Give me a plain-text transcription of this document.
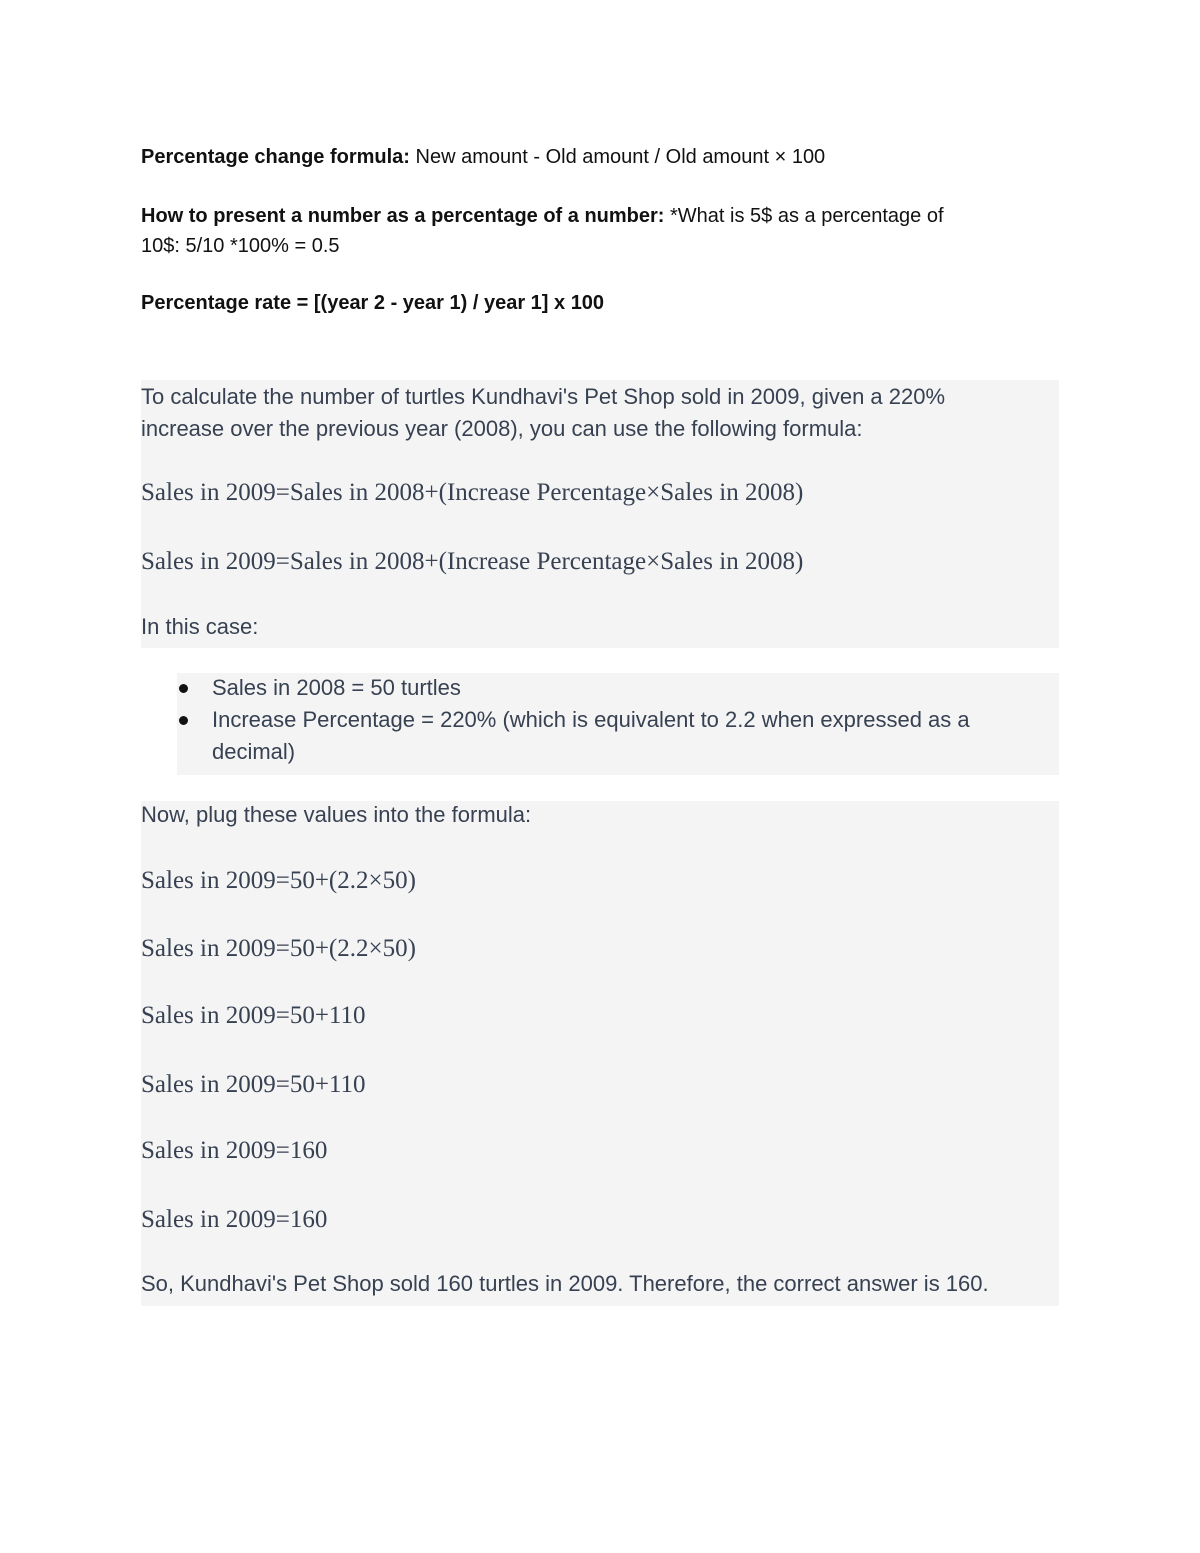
Percentage change formula: New amount - Old amount / Old amount × 100

How to present a number as a percentage of a number: *What is 5$ as a percentage of

10$: 5/10 *100% = 0.5

Percentage rate = [(year 2 - year 1) / year 1] x 100

To calculate the number of turtles Kundhavi's Pet Shop sold in 2009, given a 220%

increase over the previous year (2008), you can use the following formula:

Sales in 2009=Sales in 2008+(Increase Percentage×Sales in 2008)

Sales in 2009=Sales in 2008+(Increase Percentage×Sales in 2008)

In this case:

Sales in 2008 = 50 turtles
Increase Percentage = 220% (which is equivalent to 2.2 when expressed as a decimal)

Now, plug these values into the formula:

Sales in 2009=50+(2.2×50)

Sales in 2009=50+(2.2×50)

Sales in 2009=50+110

Sales in 2009=50+110

Sales in 2009=160

Sales in 2009=160

So, Kundhavi's Pet Shop sold 160 turtles in 2009. Therefore, the correct answer is 160.
